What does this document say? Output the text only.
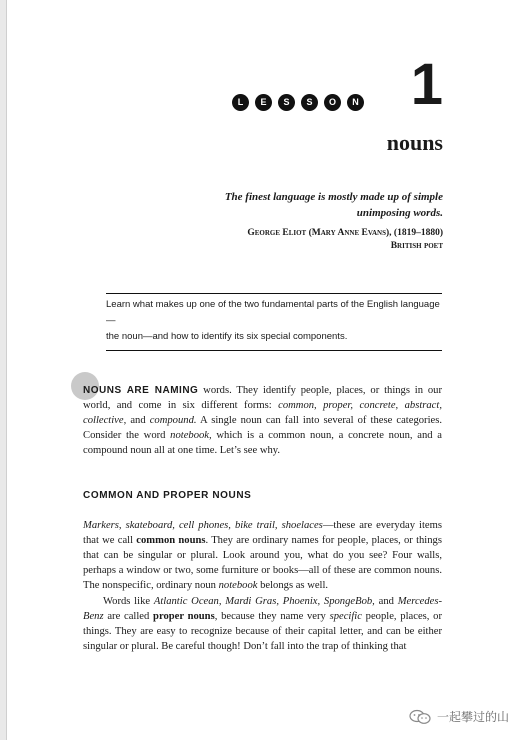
L	E	S	S	O	N 1
nouns
The finest language is mostly made up of simple
unimposing words.
George Eliot (Mary Anne Evans), (1819–1880)
British poet
Learn what makes up one of the two fundamental parts of the English language—
the noun—and how to identify its six special components.
NOUNS ARE NAMING words. They identify people, places, or things in our world, and come in six different forms: common, proper, concrete, abstract, collective, and compound. A single noun can fall into several of these categories. Consider the word notebook, which is a common noun, a concrete noun, and a compound noun all at one time. Let’s see why.
COMMON AND PROPER NOUNS
Markers, skateboard, cell phones, bike trail, shoelaces—these are everyday items that we call common nouns. They are ordinary names for people, places, or things that can be singular or plural. Look around you, what do you see? Four walls, perhaps a window or two, some furniture or books—all of these are common nouns. The nonspecific, ordinary noun notebook belongs as well.
Words like Atlantic Ocean, Mardi Gras, Phoenix, SpongeBob, and Mercedes-Benz are called proper nouns, because they name very specific people, places, or things. They are easy to recognize because of their capital letter, and can be either singular or plural. Be careful though! Don’t fall into the trap of thinking that
一起攀过的山
